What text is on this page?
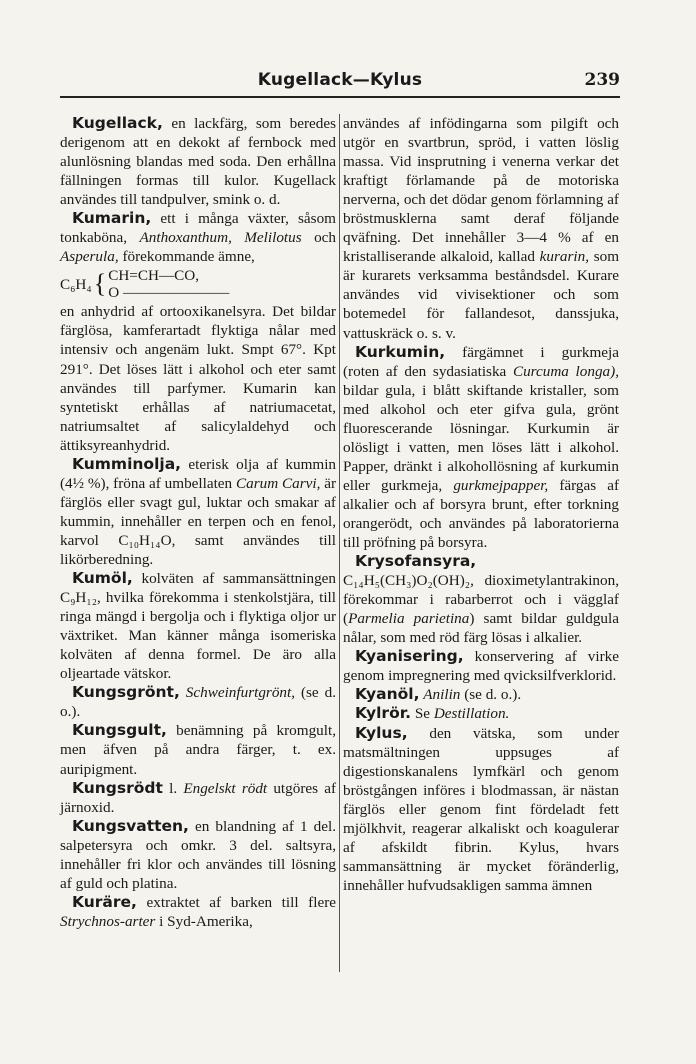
Kugellack—Kylus	239

Kugellack, en lackfärg, som beredes derigenom att en dekokt af fernbock med alunlösning blandas med soda. Den erhållna fällningen formas till kulor. Kugellack användes till tandpulver, smink o. d.

Kumarin, ett i många växter, såsom tonkaböna, Anthoxanthum, Melilotus och Asperula, förekommande ämne,

C₆H₄ { CH=CH—CO,
O ———————

en anhydrid af ortooxikanelsyra. Det bildar färglösa, kamferartadt flyktiga nålar med intensiv och angenäm lukt. Smpt 67°. Kpt 291°. Det löses lätt i alkohol och eter samt användes till parfymer. Kumarin kan syntetiskt erhållas af natriumacetat, natriumsaltet af salicylaldehyd och ättiksyreanhydrid.

Kumminolja, eterisk olja af kummin (4½ %), fröna af umbellaten Carum Carvi, är färglös eller svagt gul, luktar och smakar af kummin, innehåller en terpen och en fenol, karvol C₁₀H₁₄O, samt användes till likörberedning.

Kumöl, kolväten af sammansättningen C₉H₁₂, hvilka förekomma i stenkolstjära, till ringa mängd i bergolja och i flyktiga oljor ur växtriket. Man känner många isomeriska kolväten af denna formel. De äro alla oljeartade vätskor.

Kungsgrönt, Schweinfurtgrönt, (se d. o.).

Kungsgult, benämning på kromgult, men äfven på andra färger, t. ex. auripigment.

Kungsrödt l. Engelskt rödt utgöres af järnoxid.

Kungsvatten, en blandning af 1 del. salpetersyra och omkr. 3 del. saltsyra, innehåller fri klor och användes till lösning af guld och platina.

Kuräre, extraktet af barken till flere Strychnos-arter i Syd-Amerika,

användes af infödingarna som pilgift och utgör en svartbrun, spröd, i vatten löslig massa. Vid insprutning i venerna verkar det kraftigt förlamande på de motoriska nerverna, och det dödar genom förlamning af bröstmusklerna samt deraf följande qväfning. Det innehåller 3—4 % af en kristalliserande alkaloid, kallad kurarin, som är kurarets verksamma beståndsdel. Kurare användes vid vivisektioner och som botemedel för fallandesot, danssjuka, vattuskräck o. s. v.

Kurkumin, färgämnet i gurkmeja (roten af den sydasiatiska Curcuma longa), bildar gula, i blått skiftande kristaller, som med alkohol och eter gifva gula, grönt fluorescerande lösningar. Kurkumin är olösligt i vatten, men löses lätt i alkohol. Papper, dränkt i alkohollösning af kurkumin eller gurkmeja, gurkmejpapper, färgas af alkalier och af borsyra brunt, efter torkning orangerödt, och användes på laboratorierna till pröfning på borsyra.

Krysofansyra,
C₁₄H₅(CH₃)O₂(OH)₂, dioximetylantrakinon, förekommar i rabarberrot och i vägglaf (Parmelia parietina) samt bildar guldgula nålar, som med röd färg lösas i alkalier.

Kyanisering, konservering af virke genom impregnering med qvicksilfverklorid.

Kyanöl, Anilin (se d. o.).

Kylrör. Se Destillation.

Kylus, den vätska, som under matsmältningen uppsuges af digestionskanalens lymfkärl och genom bröstgången införes i blodmassan, är nästan färglös eller genom fint fördeladt fett mjölkhvit, reagerar alkaliskt och koagulerar af afskildt fibrin. Kylus, hvars sammansättning är mycket föränderlig, innehåller hufvudsakligen samma ämnen
